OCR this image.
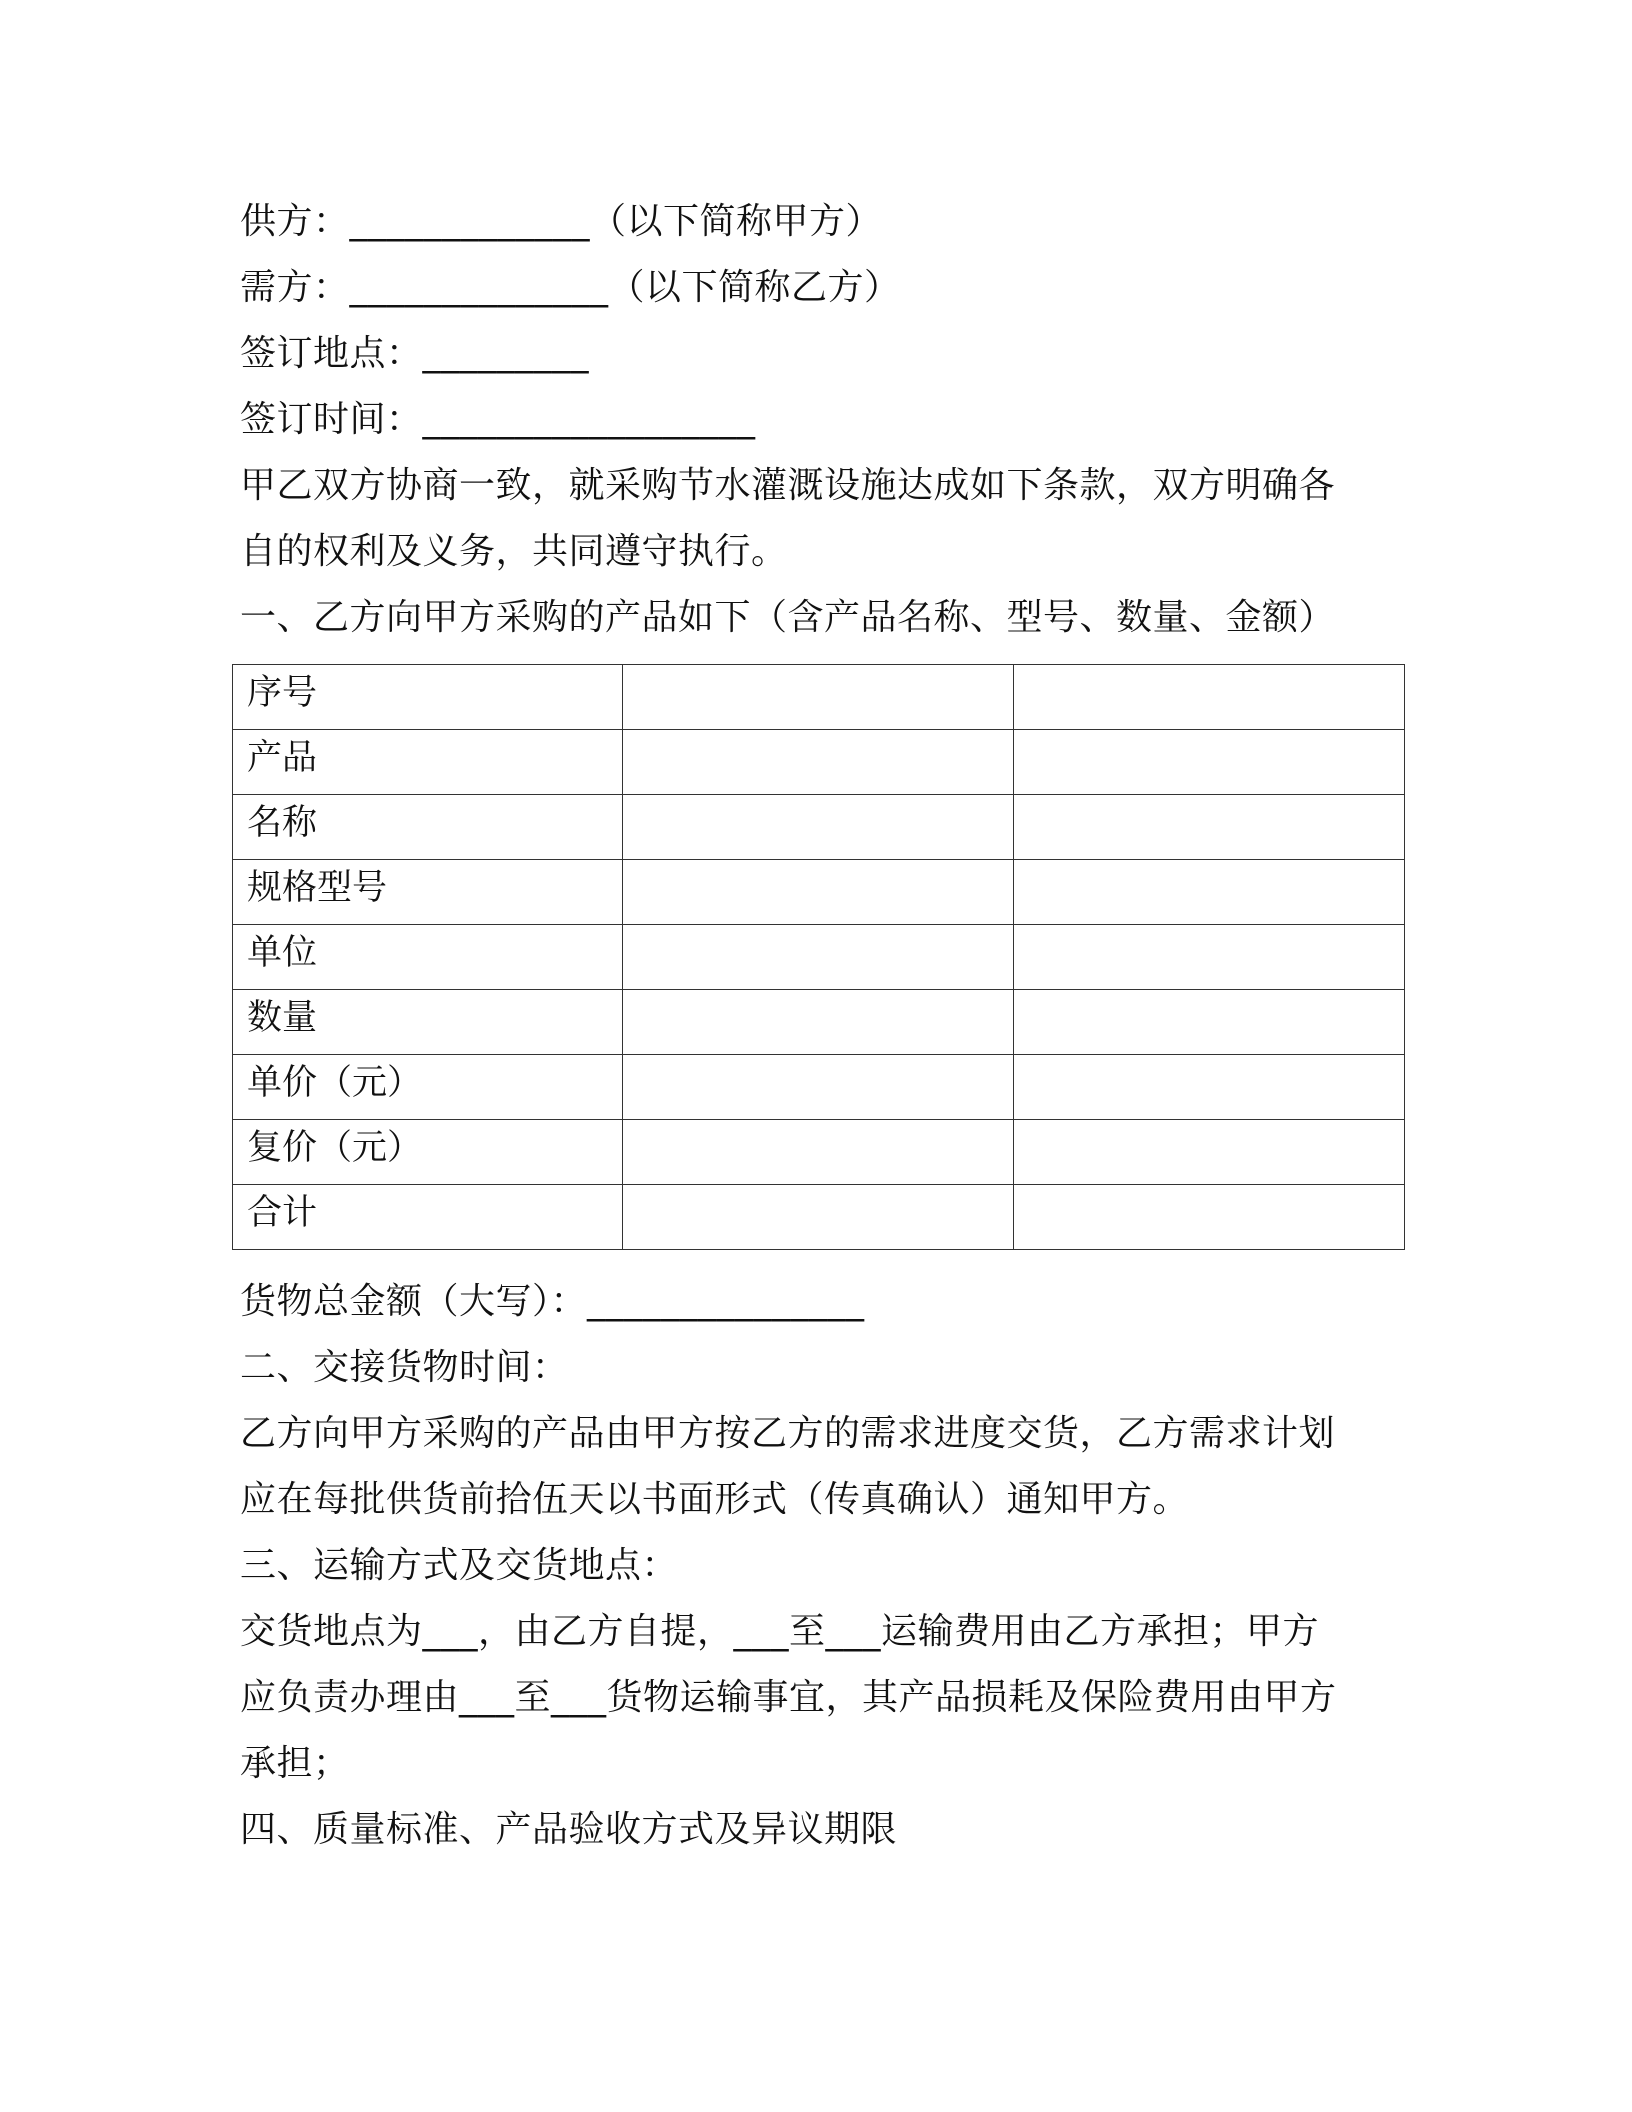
供方：_____________（以下简称甲方）
需方：______________（以下简称乙方）
签订地点：_________
签订时间：__________________
甲乙双方协商一致，就采购节水灌溉设施达成如下条款，双方明确各
自的权利及义务，共同遵守执行。
一、乙方向甲方采购的产品如下（含产品名称、型号、数量、金额）
序号		
产品		
名称		
规格型号		
单位		
数量		
单价（元）		
复价（元）		
合计		
货物总金额（大写）：_______________
二、交接货物时间：
乙方向甲方采购的产品由甲方按乙方的需求进度交货，乙方需求计划
应在每批供货前拾伍天以书面形式（传真确认）通知甲方。
三、运输方式及交货地点：
交货地点为___，由乙方自提，___至___运输费用由乙方承担；甲方
应负责办理由___至___货物运输事宜，其产品损耗及保险费用由甲方
承担；
四、质量标准、产品验收方式及异议期限
